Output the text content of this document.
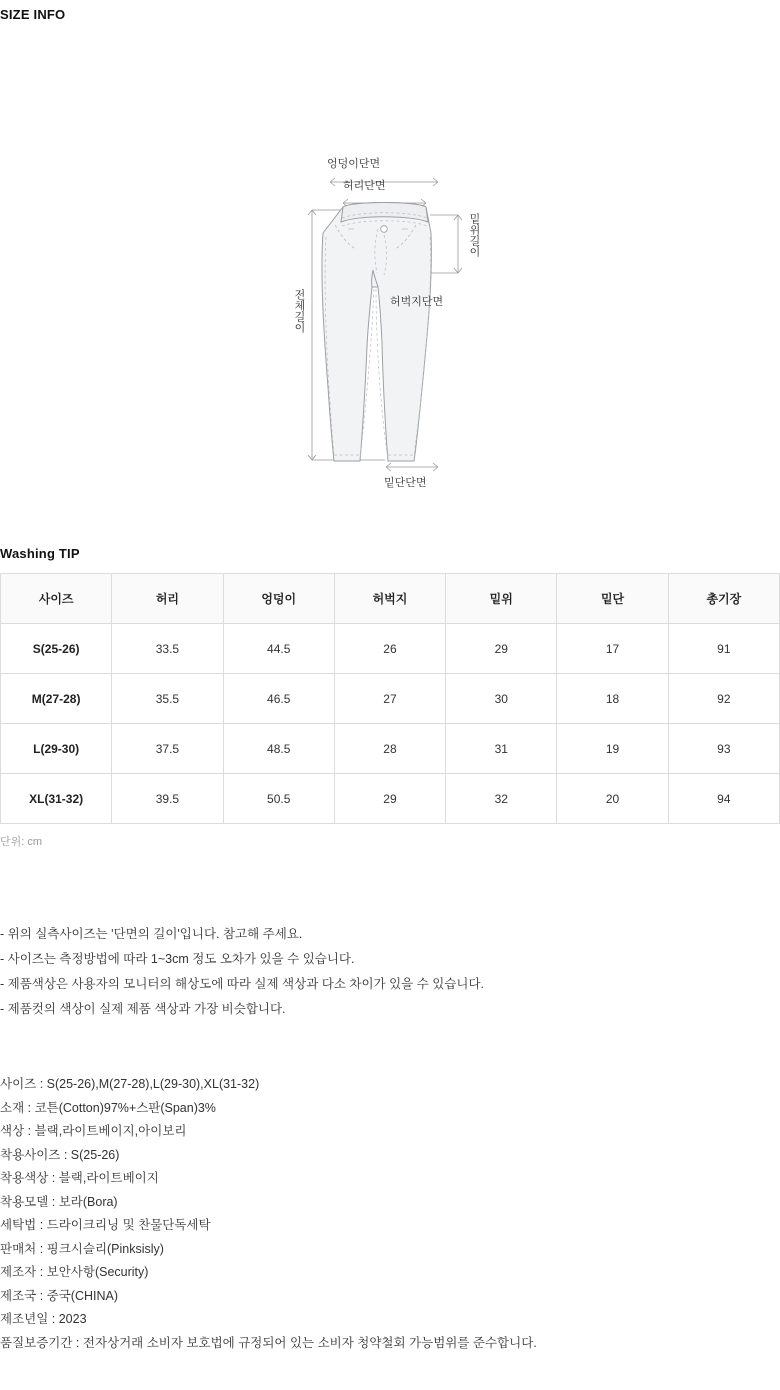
SIZE INFO
엉덩이단면
허리단면
밑위길이
허벅지단면
전체길이
밑단단면
Washing TIP
사이즈	허리	엉덩이	허벅지	밑위	밑단	총기장
S(25-26)	33.5	44.5	26	29	17	91
M(27-28)	35.5	46.5	27	30	18	92
L(29-30)	37.5	48.5	28	31	19	93
XL(31-32)	39.5	50.5	29	32	20	94
단위: cm
- 위의 실측사이즈는 '단면의 길이'입니다. 참고해 주세요.
- 사이즈는 측정방법에 따라 1~3cm 정도 오차가 있을 수 있습니다.
- 제품색상은 사용자의 모니터의 해상도에 따라 실제 색상과 다소 차이가 있을 수 있습니다.
- 제품컷의 색상이 실제 제품 색상과 가장 비슷합니다.
사이즈 : S(25-26),M(27-28),L(29-30),XL(31-32)
소재 : 코튼(Cotton)97%+스판(Span)3%
색상 : 블랙,라이트베이지,아이보리
착용사이즈 : S(25-26)
착용색상 : 블랙,라이트베이지
착용모델 : 보라(Bora)
세탁법 : 드라이크리닝 및 찬물단독세탁
판매처 : 핑크시슬리(Pinksisly)
제조자 : 보안사항(Security)
제조국 : 중국(CHINA)
제조년일 : 2023
품질보증기간 : 전자상거래 소비자 보호법에 규정되어 있는 소비자 청약철회 가능범위를 준수합니다.
